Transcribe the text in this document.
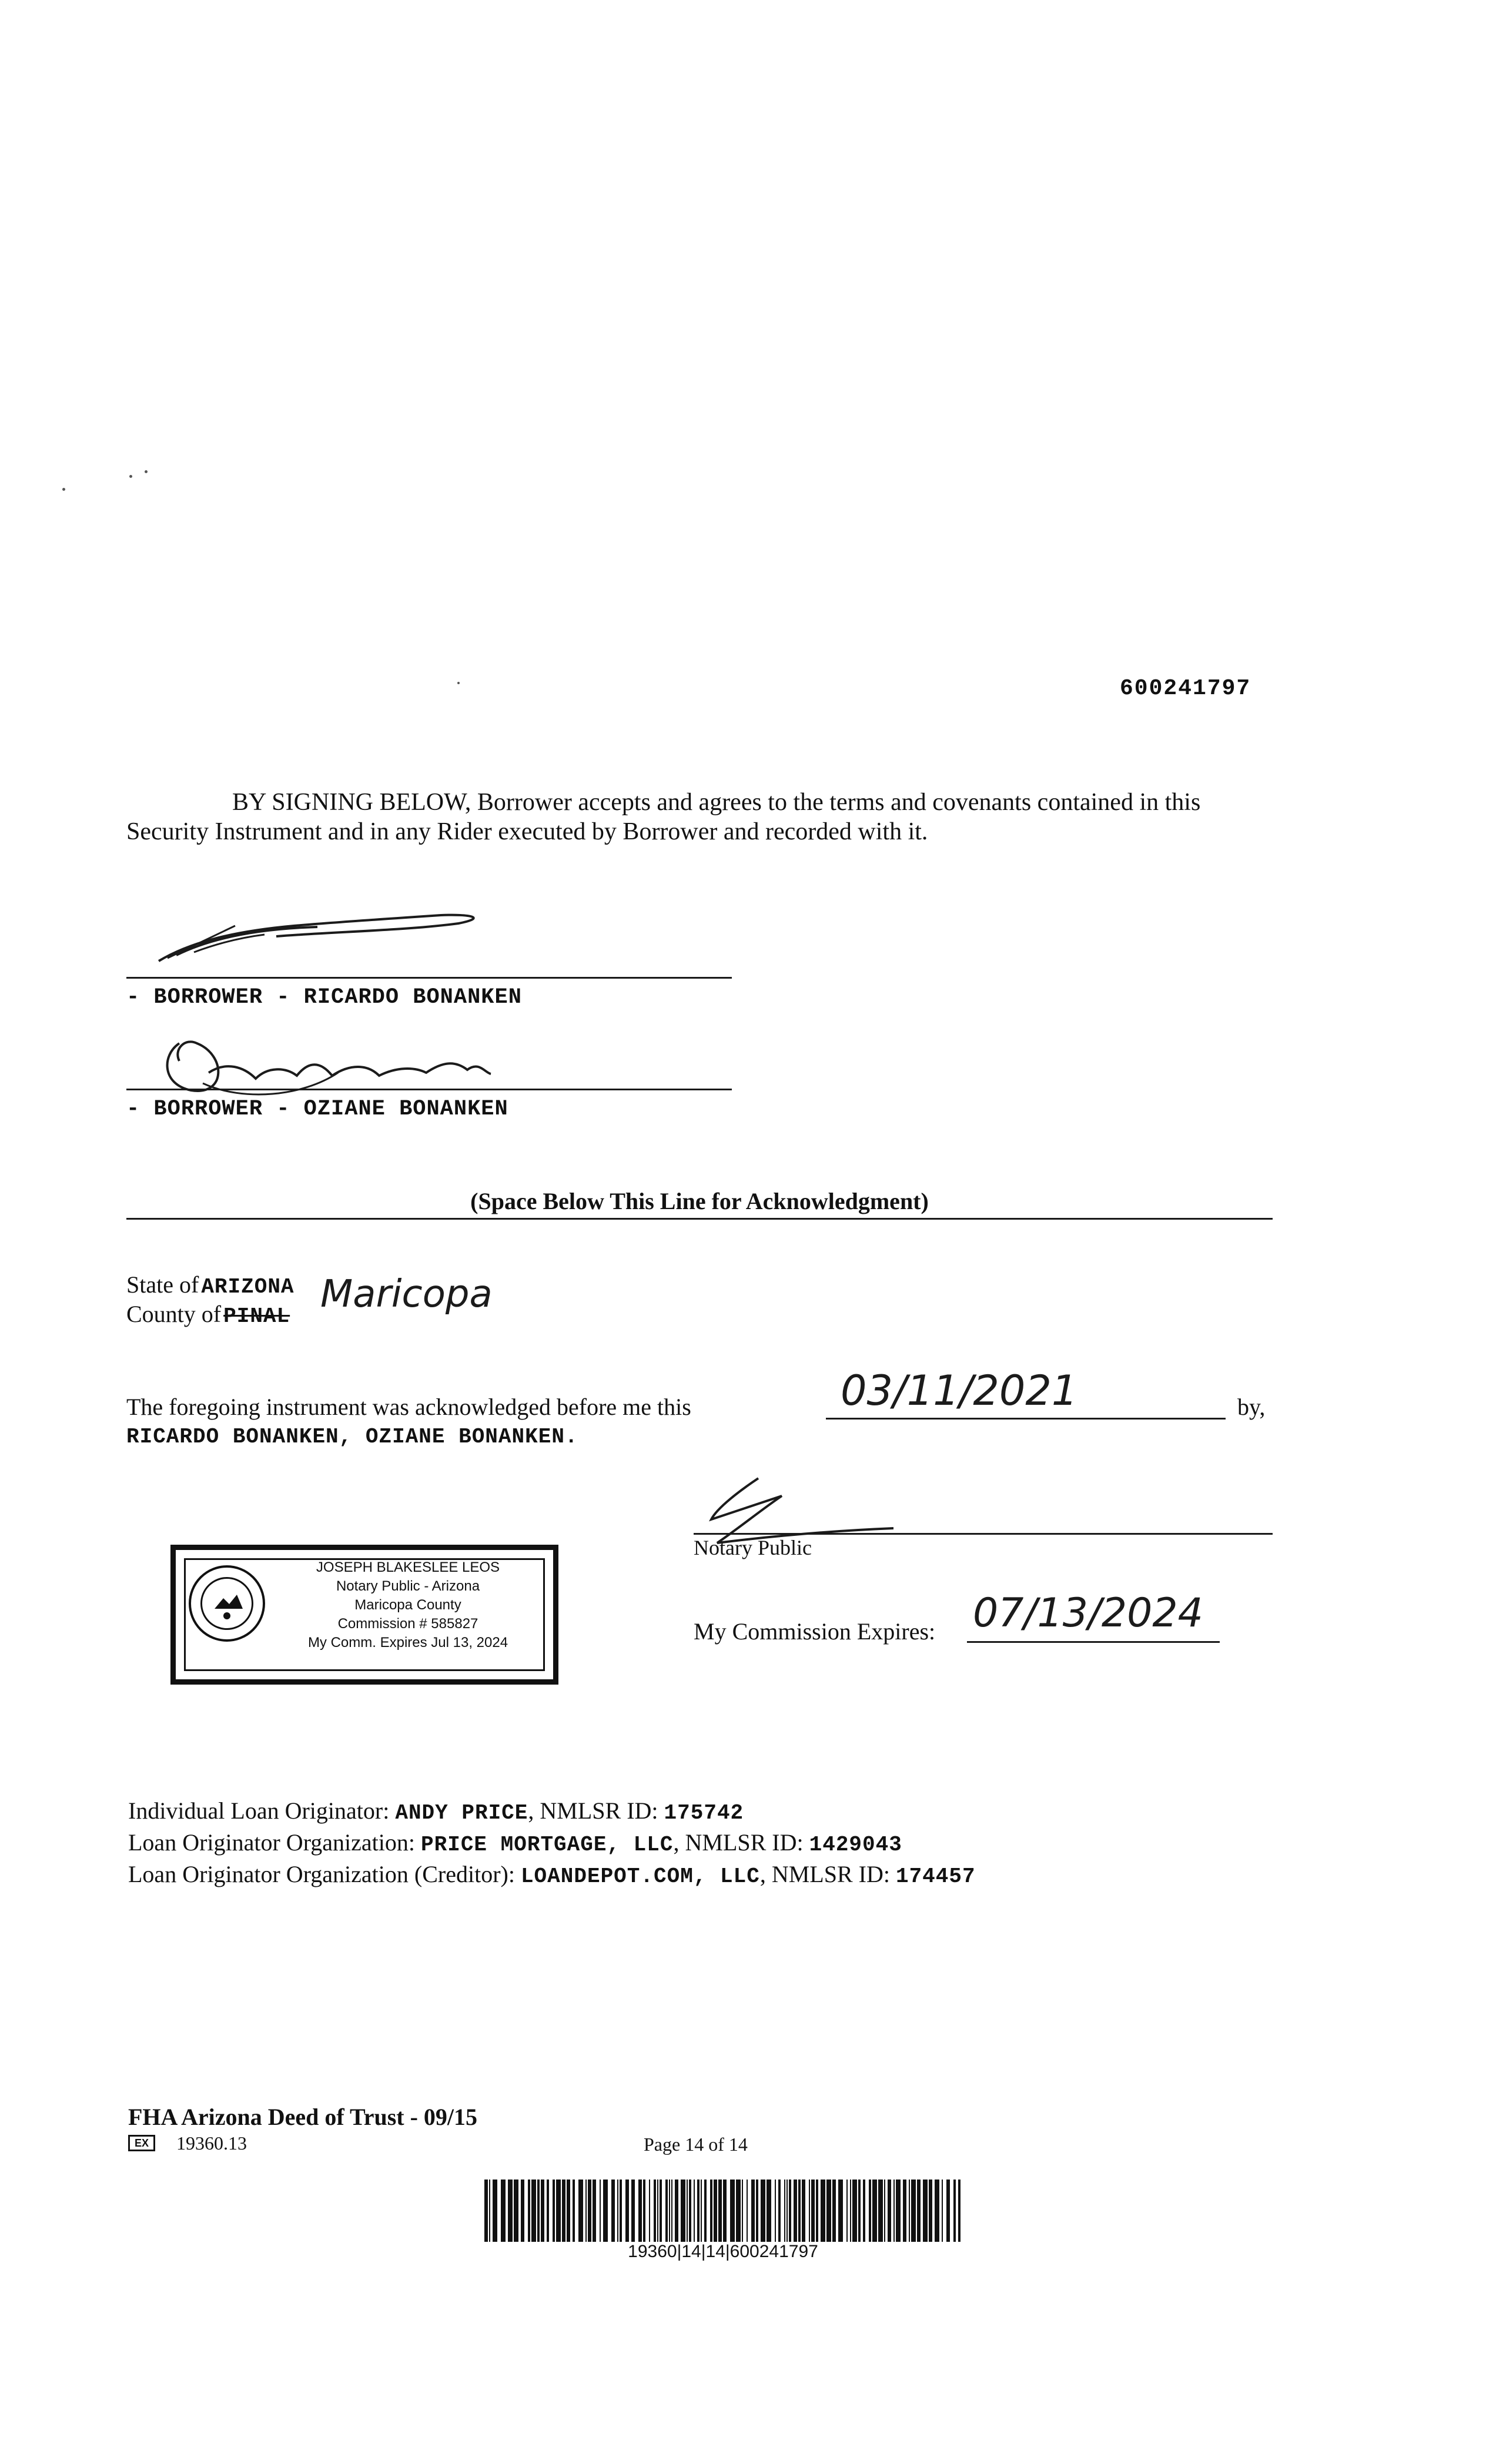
600241797
BY SIGNING BELOW, Borrower accepts and agrees to the terms and covenants contained in this Security Instrument and in any Rider executed by Borrower and recorded with it.
- BORROWER - RICARDO BONANKEN
- BORROWER - OZIANE BONANKEN
(Space Below This Line for Acknowledgment)
State of ARIZONA
County of PINAL
Maricopa
The foregoing instrument was acknowledged before me this	03/11/2021	by,
RICARDO BONANKEN, OZIANE BONANKEN.
Notary Public
JOSEPH BLAKESLEE LEOS
Notary Public - Arizona
Maricopa County
Commission # 585827
My Comm. Expires Jul 13, 2024	My Commission Expires: 07/13/2024
Individual Loan Originator: ANDY PRICE, NMLSR ID: 175742
Loan Originator Organization: PRICE MORTGAGE, LLC, NMLSR ID: 1429043
Loan Originator Organization (Creditor): LOANDEPOT.COM, LLC, NMLSR ID: 174457
FHA Arizona Deed of Trust - 09/15
EX	19360.13	Page 14 of 14
19360|14|14|600241797
